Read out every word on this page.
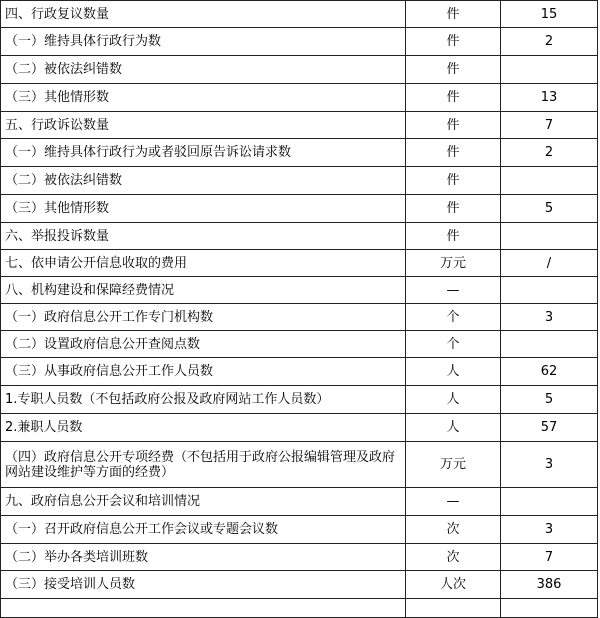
四、行政复议数量	件	15
（一）维持具体行政行为数	件	2
（二）被依法纠错数	件	
（三）其他情形数	件	13
五、行政诉讼数量	件	7
（一）维持具体行政行为或者驳回原告诉讼请求数	件	2
（二）被依法纠错数	件	
（三）其他情形数	件	5
六、举报投诉数量	件	
七、依申请公开信息收取的费用	万元	/
八、机构建设和保障经费情况	—	
（一）政府信息公开工作专门机构数	个	3
（二）设置政府信息公开查阅点数	个	
（三）从事政府信息公开工作人员数	人	62
1.专职人员数（不包括政府公报及政府网站工作人员数）	人	5
2.兼职人员数	人	57
（四）政府信息公开专项经费（不包括用于政府公报编辑管理及政府网站建设维护等方面的经费）	万元	3
九、政府信息公开会议和培训情况	—	
（一）召开政府信息公开工作会议或专题会议数	次	3
（二）举办各类培训班数	次	7
（三）接受培训人员数	人次	386
